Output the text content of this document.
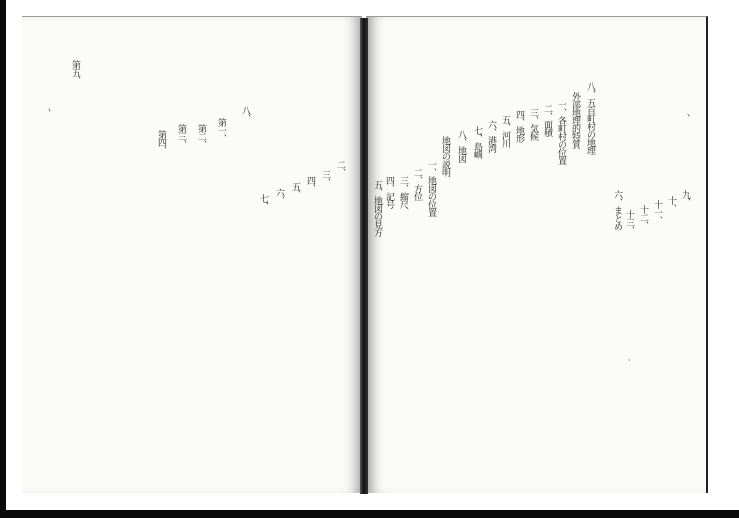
八、五百町村の地理
外部地理的特質
一、各町村の位置
二、面積
三、気候
四、地形
五、河川
六、港湾
七、島嶼
八、地図
地図の説明
一、地図の位置
二、方位
三、縮尺
四、記号
五、地図の見方	六、まとめ	九、
十、
十一、
十二、
十三、
二、
三、
四、
五、
六、
七、
八、
第一、
第二、
第三、
第四、
第五、
ヽ
ヽ
·
